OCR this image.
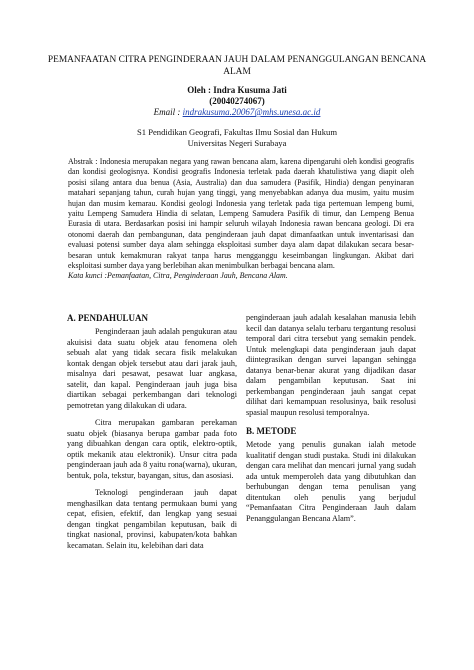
PEMANFAATAN CITRA PENGINDERAAN JAUH DALAM PENANGGULANGAN BENCANA ALAM
Oleh : Indra Kusuma Jati
(20040274067)
Email : indrakusuma.20067@mhs.unesa.ac.id
S1 Pendidikan Geografi, Fakultas Ilmu Sosial dan Hukum
Universitas Negeri Surabaya
Abstrak : Indonesia merupakan negara yang rawan bencana alam, karena dipengaruhi oleh kondisi geografis dan kondisi geologisnya. Kondisi geografis Indonesia terletak pada daerah khatulistiwa yang diapit oleh posisi silang antara dua benua (Asia, Australia) dan dua samudera (Pasifik, Hindia) dengan penyinaran matahari sepanjang tahun, curah hujan yang tinggi, yang menyebabkan adanya dua musim, yaitu musim hujan dan musim kemarau. Kondisi geologi Indonesia yang terletak pada tiga pertemuan lempeng bumi, yaitu Lempeng Samudera Hindia di selatan, Lempeng Samudera Pasifik di timur, dan Lempeng Benua Eurasia di utara. Berdasarkan posisi ini hampir seluruh wilayah Indonesia rawan bencana geologi. Di era otonomi daerah dan pembangunan, data penginderaan jauh dapat dimanfaatkan untuk inventarisasi dan evaluasi potensi sumber daya alam sehingga eksploitasi sumber daya alam dapat dilakukan secara besar-besaran untuk kemakmuran rakyat tanpa harus mengganggu keseimbangan lingkungan. Akibat dari eksploitasi sumber daya yang berlebihan akan menimbulkan berbagai bencana alam.
Kata kunci :Pemanfaatan, Citra, Penginderaan Jauh, Bencana Alam.
A. PENDAHULUAN

Penginderaan jauh adalah pengukuran atau akuisisi data suatu objek atau fenomena oleh sebuah alat yang tidak secara fisik melakukan kontak dengan objek tersebut atau dari jarak jauh, misalnya dari pesawat, pesawat luar angkasa, satelit, dan kapal. Penginderaan jauh juga bisa diartikan sebagai perkembangan dari teknologi pemotretan yang dilakukan di udara.

Citra merupakan gambaran perekaman suatu objek (biasanya berupa gambar pada foto yang dibuahkan dengan cara optik, elektro-optik, optik mekanik atau elektronik). Unsur citra pada penginderaan jauh ada 8 yaitu rona(warna), ukuran, bentuk, pola, tekstur, bayangan, situs, dan asosiasi.

Teknologi penginderaan jauh dapat menghasilkan data tentang permukaan bumi yang cepat, efisien, efektif, dan lengkap yang sesuai dengan tingkat pengambilan keputusan, baik di tingkat nasional, provinsi, kabupaten/kota bahkan kecamatan. Selain itu, kelebihan dari data

penginderaan jauh adalah kesalahan manusia lebih kecil dan datanya selalu terbaru tergantung resolusi temporal dari citra tersebut yang semakin pendek. Untuk melengkapi data penginderaan jauh dapat diintegrasikan dengan survei lapangan sehingga datanya benar-benar akurat yang dijadikan dasar dalam pengambilan keputusan. Saat ini perkembangan penginderaan jauh sangat cepat dilihat dari kemampuan resolusinya, baik resolusi spasial maupun resolusi temporalnya.

B. METODE

Metode yang penulis gunakan ialah metode kualitatif dengan studi pustaka. Studi ini dilakukan dengan cara melihat dan mencari jurnal yang sudah ada untuk memperoleh data yang dibutuhkan dan berhubungan dengan tema penulisan yang ditentukan oleh penulis yang berjudul “Pemanfaatan Citra Penginderaan Jauh dalam Penanggulangan Bencana Alam”.
